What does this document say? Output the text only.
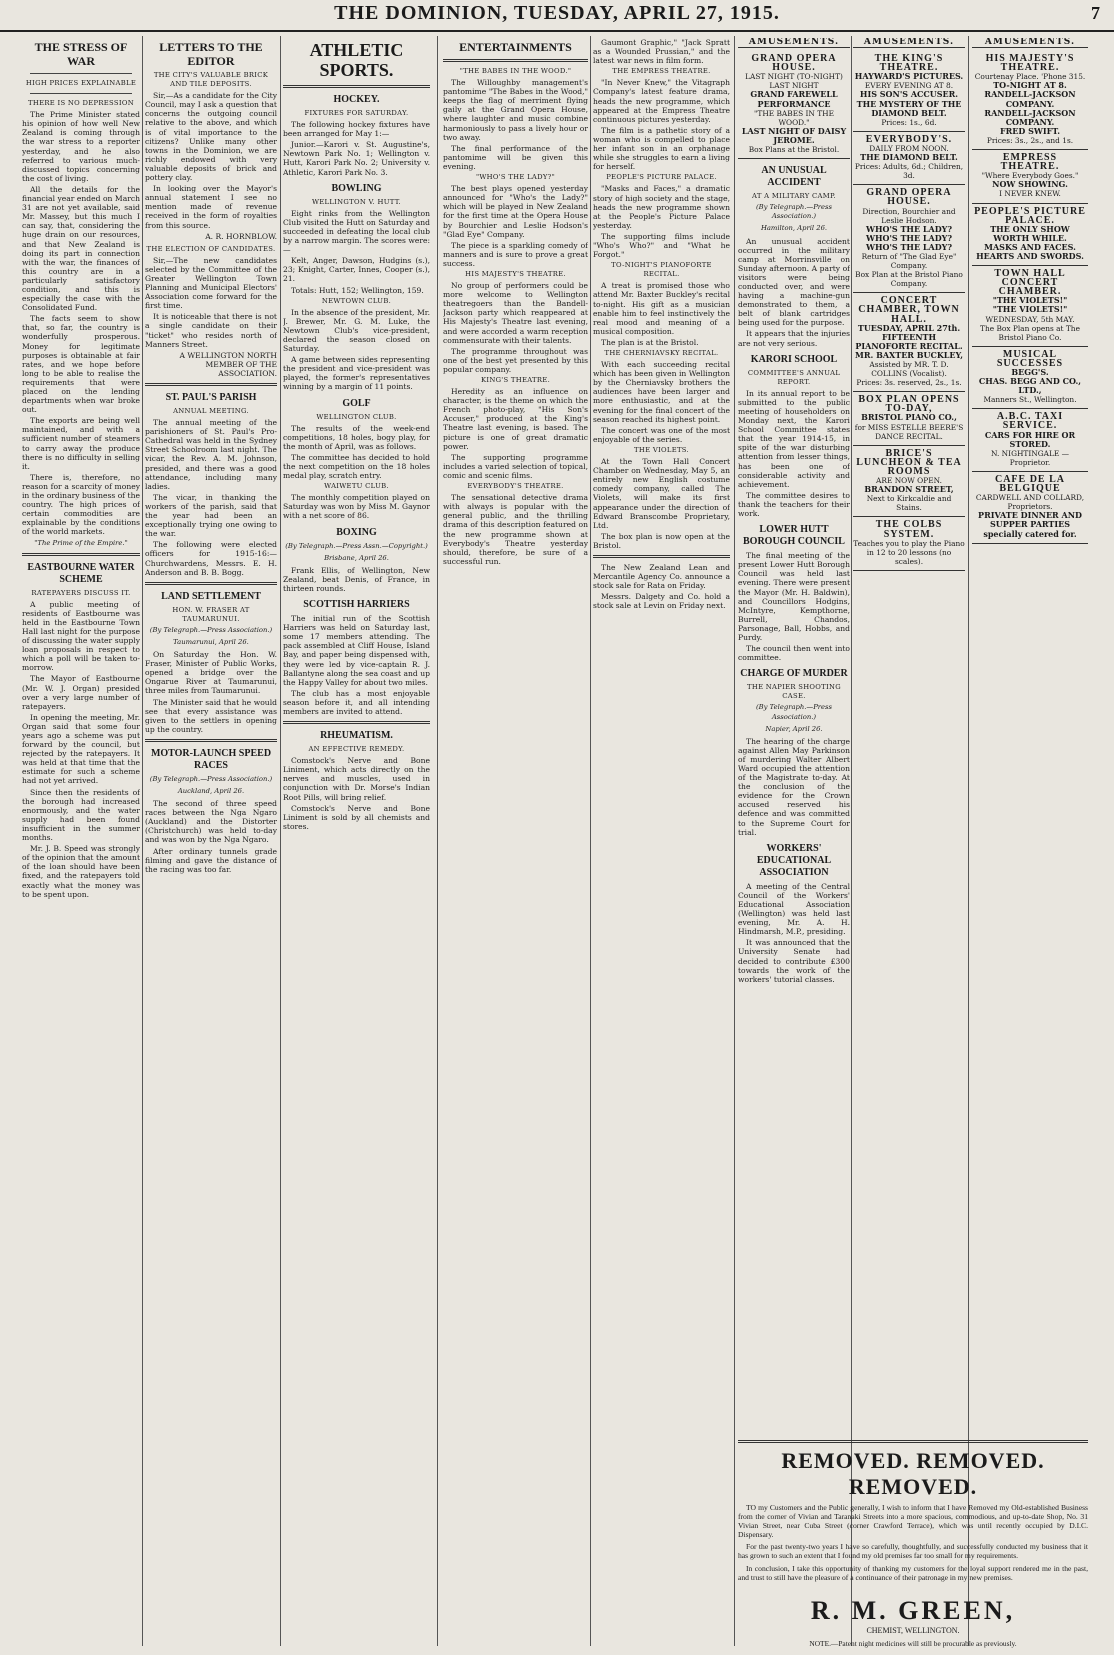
THE DOMINION, TUESDAY, APRIL 27, 1915.	7
THE STRESS OF WAR
HIGH PRICES EXPLAINABLE
THERE IS NO DEPRESSION

The Prime Minister stated his opinion of how well New Zealand is coming through the war stress to a reporter yesterday, and he also referred to various much-discussed topics concerning the cost of living.

All the details for the financial year ended on March 31 are not yet available, said Mr. Massey, but this much I can say, that, considering the huge drain on our resources, and that New Zealand is doing its part in connection with the war, the finances of this country are in a particularly satisfactory condition, and this is especially the case with the Consolidated Fund.

The facts seem to show that, so far, the country is wonderfully prosperous. Money for legitimate purposes is obtainable at fair rates, and we hope before long to be able to realise the requirements that were placed on the lending departments when war broke out.

The exports are being well maintained, and with a sufficient number of steamers to carry away the produce there is no difficulty in selling it.

There is, therefore, no reason for a scarcity of money in the ordinary business of the country. The high prices of certain commodities are explainable by the conditions of the world markets.

"The Prime of the Empire."
EASTBOURNE WATER SCHEME
RATEPAYERS DISCUSS IT.

A public meeting of residents of Eastbourne was held in the Eastbourne Town Hall last night for the purpose of discussing the water supply loan proposals in respect to which a poll will be taken to-morrow.

The Mayor of Eastbourne (Mr. W. J. Organ) presided over a very large number of ratepayers.

In opening the meeting, Mr. Organ said that some four years ago a scheme was put forward by the council, but rejected by the ratepayers. It was held at that time that the estimate for such a scheme had not yet arrived.

Since then the residents of the borough had increased enormously, and the water supply had been found insufficient in the summer months.

Mr. J. B. Speed was strongly of the opinion that the amount of the loan should have been fixed, and the ratepayers told exactly what the money was to be spent upon.

LETTERS TO THE EDITOR
THE CITY'S VALUABLE BRICK AND TILE DEPOSITS.

Sir,—As a candidate for the City Council, may I ask a question that concerns the outgoing council relative to the above, and which is of vital importance to the citizens? Unlike many other towns in the Dominion, we are richly endowed with very valuable deposits of brick and pottery clay.

In looking over the Mayor's annual statement I see no mention made of revenue received in the form of royalties from this source.

A. R. HORNBLOW.
THE ELECTION OF CANDIDATES.

Sir,—The new candidates selected by the Committee of the Greater Wellington Town Planning and Municipal Electors' Association come forward for the first time.

It is noticeable that there is not a single candidate on their "ticket" who resides north of Manners Street.

A WELLINGTON NORTH MEMBER OF THE ASSOCIATION.
ST. PAUL'S PARISH
ANNUAL MEETING.

The annual meeting of the parishioners of St. Paul's Pro-Cathedral was held in the Sydney Street Schoolroom last night. The vicar, the Rev. A. M. Johnson, presided, and there was a good attendance, including many ladies.

The vicar, in thanking the workers of the parish, said that the year had been an exceptionally trying one owing to the war.

The following were elected officers for 1915-16:—Churchwardens, Messrs. E. H. Anderson and B. B. Bogg.

LAND SETTLEMENT
HON. W. FRASER AT TAUMARUNUI.
(By Telegraph.—Press Association.)
Taumarunui, April 26.

On Saturday the Hon. W. Fraser, Minister of Public Works, opened a bridge over the Ongarue River at Taumarunui, three miles from Taumarunui.

The Minister said that he would see that every assistance was given to the settlers in opening up the country.

MOTOR-LAUNCH SPEED RACES
(By Telegraph.—Press Association.)
Auckland, April 26.

The second of three speed races between the Nga Ngaro (Auckland) and the Distorter (Christchurch) was held to-day and was won by the Nga Ngaro.

After ordinary tunnels grade filming and gave the distance of the racing was too far.

ATHLETIC SPORTS.
HOCKEY.
FIXTURES FOR SATURDAY.

The following hockey fixtures have been arranged for May 1:—

Junior.—Karori v. St. Augustine's, Newtown Park No. 1; Wellington v. Hutt, Karori Park No. 2; University v. Athletic, Karori Park No. 3.

BOWLING
WELLINGTON V. HUTT.

Eight rinks from the Wellington Club visited the Hutt on Saturday and succeeded in defeating the local club by a narrow margin. The scores were:—

Kelt, Anger, Dawson, Hudgins (s.), 23; Knight, Carter, Innes, Cooper (s.), 21.

Totals: Hutt, 152; Wellington, 159.

NEWTOWN CLUB.

In the absence of the president, Mr. J. Brewer, Mr. G. M. Luke, the Newtown Club's vice-president, declared the season closed on Saturday.

A game between sides representing the president and vice-president was played, the former's representatives winning by a margin of 11 points.

GOLF
WELLINGTON CLUB.

The results of the week-end competitions, 18 holes, bogy play, for the month of April, was as follows.

The committee has decided to hold the next competition on the 18 holes medal play, scratch entry.

WAIWETU CLUB.

The monthly competition played on Saturday was won by Miss M. Gaynor with a net score of 86.

BOXING
(By Telegraph.—Press Assn.—Copyright.)
Brisbane, April 26.

Frank Ellis, of Wellington, New Zealand, beat Denis, of France, in thirteen rounds.

SCOTTISH HARRIERS

The initial run of the Scottish Harriers was held on Saturday last, some 17 members attending. The pack assembled at Cliff House, Island Bay, and paper being dispensed with, they were led by vice-captain R. J. Ballantyne along the sea coast and up the Happy Valley for about two miles.

The club has a most enjoyable season before it, and all intending members are invited to attend.

RHEUMATISM.
AN EFFECTIVE REMEDY.

Comstock's Nerve and Bone Liniment, which acts directly on the nerves and muscles, used in conjunction with Dr. Morse's Indian Root Pills, will bring relief.

Comstock's Nerve and Bone Liniment is sold by all chemists and stores.

ENTERTAINMENTS
"THE BABES IN THE WOOD."

The Willoughby management's pantomime "The Babes in the Wood," keeps the flag of merriment flying gaily at the Grand Opera House, where laughter and music combine harmoniously to pass a lively hour or two away.

The final performance of the pantomime will be given this evening.

"WHO'S THE LADY?"

The best plays opened yesterday announced for "Who's the Lady?" which will be played in New Zealand for the first time at the Opera House by Bourchier and Leslie Hodson's "Glad Eye" Company.

The piece is a sparkling comedy of manners and is sure to prove a great success.

HIS MAJESTY'S THEATRE.

No group of performers could be more welcome to Wellington theatregoers than the Bandell-Jackson party which reappeared at His Majesty's Theatre last evening, and were accorded a warm reception commensurate with their talents.

The programme throughout was one of the best yet presented by this popular company.

KING'S THEATRE.

Heredity as an influence on character, is the theme on which the French photo-play, "His Son's Accuser," produced at the King's Theatre last evening, is based. The picture is one of great dramatic power.

The supporting programme includes a varied selection of topical, comic and scenic films.

EVERYBODY'S THEATRE.

The sensational detective drama with always is popular with the general public, and the thrilling drama of this description featured on the new programme shown at Everybody's Theatre yesterday should, therefore, be sure of a successful run.

Gaumont Graphic," "Jack Spratt as a Wounded Prussian," and the latest war news in film form.

THE EMPRESS THEATRE.

"In Never Knew," the Vitagraph Company's latest feature drama, heads the new programme, which appeared at the Empress Theatre continuous pictures yesterday.

The film is a pathetic story of a woman who is compelled to place her infant son in an orphanage while she struggles to earn a living for herself.

PEOPLE'S PICTURE PALACE.

"Masks and Faces," a dramatic story of high society and the stage, heads the new programme shown at the People's Picture Palace yesterday.

The supporting films include "Who's Who?" and "What he Forgot."

TO-NIGHT'S PIANOFORTE RECITAL.

A treat is promised those who attend Mr. Baxter Buckley's recital to-night. His gift as a musician enable him to feel instinctively the real mood and meaning of a musical composition.

The plan is at the Bristol.

THE CHERNIAVSKY RECITAL.

With each succeeding recital which has been given in Wellington by the Cherniavsky brothers the audiences have been larger and more enthusiastic, and at the evening for the final concert of the season reached its highest point.

The concert was one of the most enjoyable of the series.

THE VIOLETS.

At the Town Hall Concert Chamber on Wednesday, May 5, an entirely new English costume comedy company, called The Violets, will make its first appearance under the direction of Edward Branscombe Proprietary, Ltd.

The box plan is now open at the Bristol.

The New Zealand Lean and Mercantile Agency Co. announce a stock sale for Rata on Friday.

Messrs. Dalgety and Co. hold a stock sale at Levin on Friday next.

AMUSEMENTS.
GRAND OPERA HOUSE.
LAST NIGHT (TO-NIGHT) LAST NIGHT
GRAND FAREWELL PERFORMANCE
"THE BABES IN THE WOOD."
LAST NIGHT OF DAISY JEROME.
Box Plans at the Bristol.
AN UNUSUAL ACCIDENT
AT A MILITARY CAMP.
(By Telegraph.—Press Association.)
Hamilton, April 26.

An unusual accident occurred in the military camp at Morrinsville on Sunday afternoon. A party of visitors were being conducted over, and were having a machine-gun demonstrated to them, a belt of blank cartridges being used for the purpose.

It appears that the injuries are not very serious.

KARORI SCHOOL
COMMITTEE'S ANNUAL REPORT.

In its annual report to be submitted to the public meeting of householders on Monday next, the Karori School Committee states that the year 1914-15, in spite of the war disturbing attention from lesser things, has been one of considerable activity and achievement.

The committee desires to thank the teachers for their work.

LOWER HUTT BOROUGH COUNCIL

The final meeting of the present Lower Hutt Borough Council was held last evening. There were present the Mayor (Mr. H. Baldwin), and Councillors Hodgins, McIntyre, Kempthorne, Burrell, Chandos, Parsonage, Ball, Hobbs, and Purdy.

The council then went into committee.

CHARGE OF MURDER
THE NAPIER SHOOTING CASE.
(By Telegraph.—Press Association.)
Napier, April 26.

The hearing of the charge against Allen May Parkinson of murdering Walter Albert Ward occupied the attention of the Magistrate to-day. At the conclusion of the evidence for the Crown accused reserved his defence and was committed to the Supreme Court for trial.

WORKERS' EDUCATIONAL ASSOCIATION

A meeting of the Central Council of the Workers' Educational Association (Wellington) was held last evening, Mr. A. H. Hindmarsh, M.P., presiding.

It was announced that the University Senate had decided to contribute £300 towards the work of the workers' tutorial classes.

AMUSEMENTS.
THE KING'S THEATRE.
HAYWARD'S PICTURES.
EVERY EVENING AT 8.
HIS SON'S ACCUSER.
THE MYSTERY OF THE DIAMOND BELT.
Prices: 1s., 6d.
EVERYBODY'S.
DAILY FROM NOON.
THE DIAMOND BELT.
Prices: Adults, 6d.; Children, 3d.
GRAND OPERA HOUSE.
Direction, Bourchier and Leslie Hodson.
WHO'S THE LADY?
WHO'S THE LADY?
WHO'S THE LADY?
Return of "The Glad Eye" Company.
Box Plan at the Bristol Piano Company.
CONCERT CHAMBER, TOWN HALL.
TUESDAY, APRIL 27th.
FIFTEENTH PIANOFORTE RECITAL.
MR. BAXTER BUCKLEY,
Assisted by MR. T. D. COLLINS (Vocalist).
Prices: 3s. reserved, 2s., 1s.
BOX PLAN OPENS TO-DAY,
BRISTOL PIANO CO.,
for MISS ESTELLE BEERE'S DANCE RECITAL.
BRICE'S LUNCHEON & TEA ROOMS
ARE NOW OPEN.
BRANDON STREET,
Next to Kirkcaldie and Stains.
THE COLBS SYSTEM.
Teaches you to play the Piano in 12 to 20 lessons (no scales).
AMUSEMENTS.
HIS MAJESTY'S THEATRE.
Courtenay Place. 'Phone 315.
TO-NIGHT AT 8.
RANDELL-JACKSON COMPANY.
RANDELL-JACKSON COMPANY.
FRED SWIFT.
Prices: 3s., 2s., and 1s.
EMPRESS THEATRE.
"Where Everybody Goes."
NOW SHOWING.
I NEVER KNEW.
PEOPLE'S PICTURE PALACE.
THE ONLY SHOW WORTH WHILE.
MASKS AND FACES.
HEARTS AND SWORDS.
TOWN HALL CONCERT CHAMBER.
"THE VIOLETS!"
"THE VIOLETS!"
WEDNESDAY, 5th MAY.
The Box Plan opens at The Bristol Piano Co.
MUSICAL SUCCESSES
BEGG'S.
CHAS. BEGG AND CO., LTD.,
Manners St., Wellington.
A.B.C. TAXI SERVICE.
CARS FOR HIRE OR STORED.
N. NIGHTINGALE — Proprietor.
CAFE DE LA BELGIQUE
CARDWELL AND COLLARD, Proprietors.
PRIVATE DINNER AND SUPPER PARTIES specially catered for.
REMOVED. REMOVED. REMOVED.

TO my Customers and the Public generally, I wish to inform that I have Removed my Old-established Business from the corner of Vivian and Taranaki Streets into a more spacious, commodious, and up-to-date Shop, No. 31 Vivian Street, near Cuba Street (corner Crawford Terrace), which was until recently occupied by D.I.C. Dispensary.

For the past twenty-two years I have so carefully, thoughtfully, and successfully conducted my business that it has grown to such an extent that I found my old premises far too small for my requirements.

In conclusion, I take this opportunity of thanking my customers for the loyal support rendered me in the past, and trust to still have the pleasure of a continuance of their patronage in my new premises.

R. M. GREEN,
CHEMIST, WELLINGTON.
NOTE.—Patent night medicines will still be procurable as previously.
